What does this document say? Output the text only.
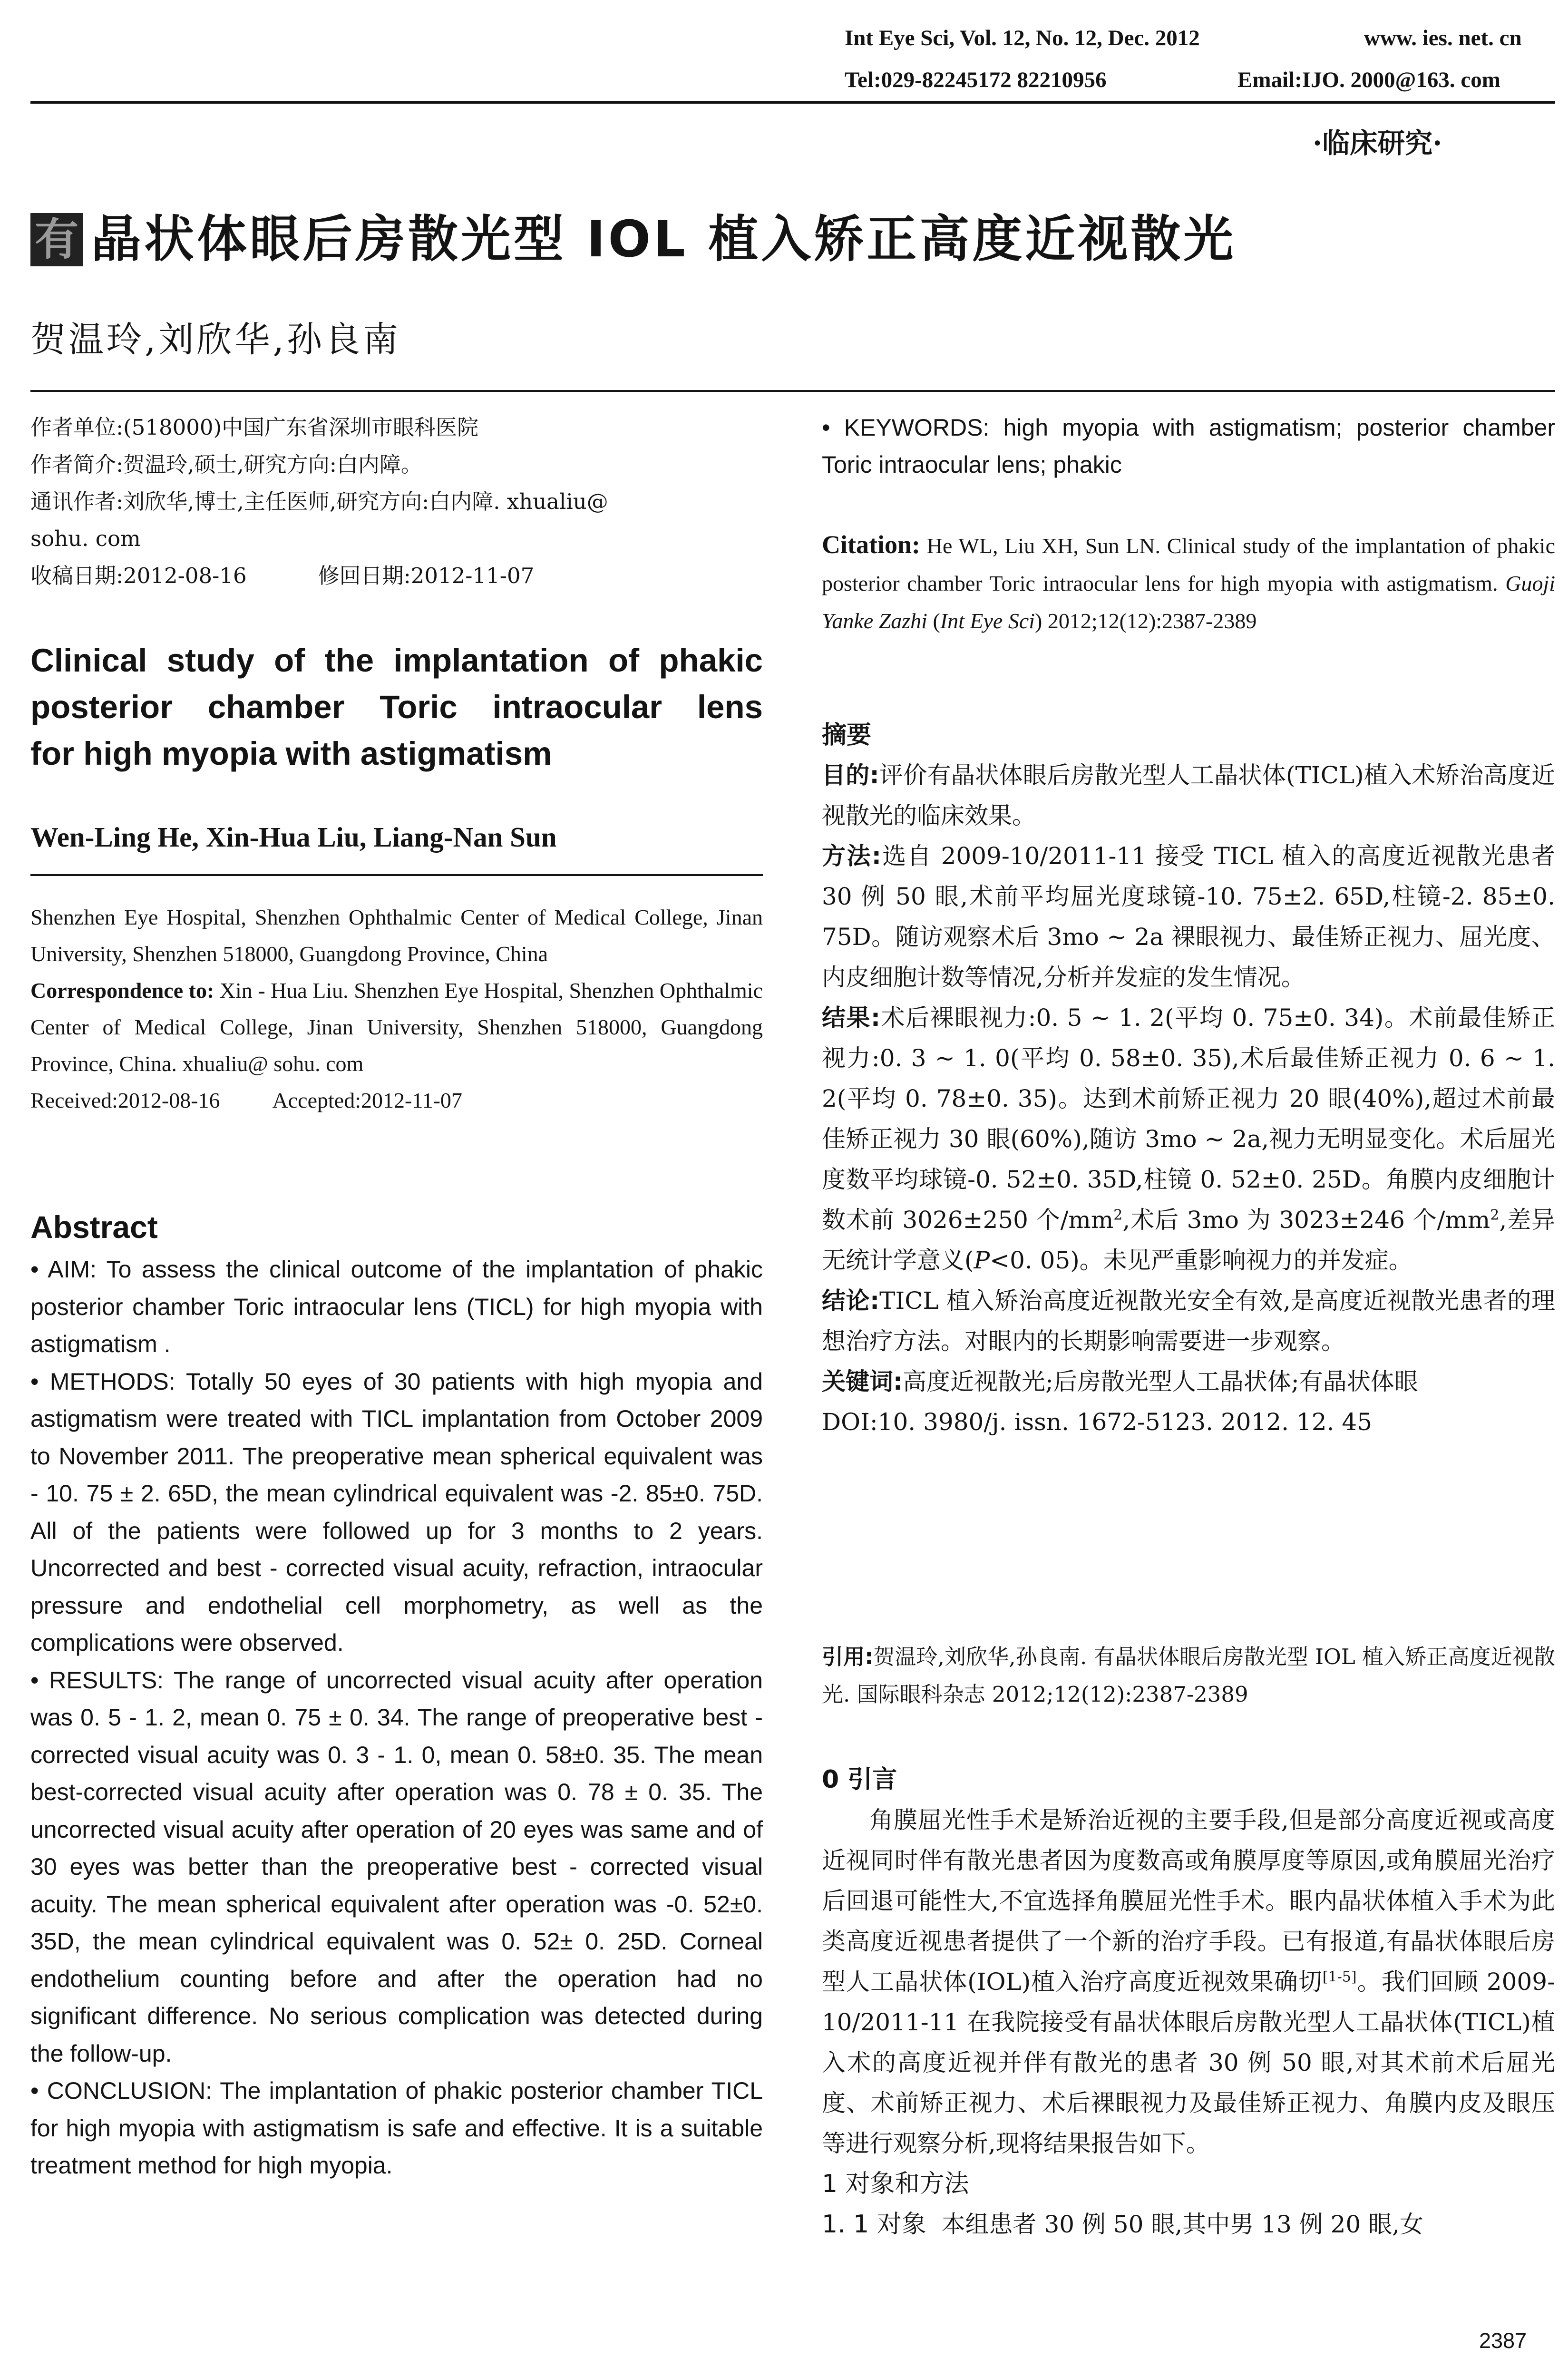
Int Eye Sci, Vol. 12, No. 12, Dec. 2012	www. ies. net. cn
Tel:029-82245172 82210956	Email:IJO. 2000@163. com
·临床研究·
有 晶状体眼后房散光型 IOL 植入矫正高度近视散光
贺温玲,刘欣华,孙良南
作者单位:(518000)中国广东省深圳市眼科医院
作者简介:贺温玲,硕士,研究方向:白内障。
通讯作者:刘欣华,博士,主任医师,研究方向:白内障. xhualiu@
sohu. com
收稿日期:2012-08-16	修回日期:2012-11-07
Clinical study of the implantation of phakic
posterior chamber Toric intraocular lens
for high myopia with astigmatism
Wen-Ling He, Xin-Hua Liu, Liang-Nan Sun
Shenzhen Eye Hospital, Shenzhen Ophthalmic Center of Medical College, Jinan University, Shenzhen 518000, Guangdong Province, China
Correspondence to: Xin - Hua Liu. Shenzhen Eye Hospital, Shenzhen Ophthalmic Center of Medical College, Jinan University, Shenzhen 518000, Guangdong Province, China. xhualiu@ sohu. com
Received:2012-08-16 Accepted:2012-11-07
Abstract

• AIM: To assess the clinical outcome of the implantation of phakic posterior chamber Toric intraocular lens (TICL) for high myopia with astigmatism .

• METHODS: Totally 50 eyes of 30 patients with high myopia and astigmatism were treated with TICL implantation from October 2009 to November 2011. The preoperative mean spherical equivalent was - 10. 75 ± 2. 65D, the mean cylindrical equivalent was -2. 85±0. 75D. All of the patients were followed up for 3 months to 2 years. Uncorrected and best - corrected visual acuity, refraction, intraocular pressure and endothelial cell morphometry, as well as the complications were observed.

• RESULTS: The range of uncorrected visual acuity after operation was 0. 5 - 1. 2, mean 0. 75 ± 0. 34. The range of preoperative best - corrected visual acuity was 0. 3 - 1. 0, mean 0. 58±0. 35. The mean best-corrected visual acuity after operation was 0. 78 ± 0. 35. The uncorrected visual acuity after operation of 20 eyes was same and of 30 eyes was better than the preoperative best - corrected visual acuity. The mean spherical equivalent after operation was -0. 52±0. 35D, the mean cylindrical equivalent was 0. 52± 0. 25D. Corneal endothelium counting before and after the operation had no significant difference. No serious complication was detected during the follow-up.

• CONCLUSION: The implantation of phakic posterior chamber TICL for high myopia with astigmatism is safe and effective. It is a suitable treatment method for high myopia.

• KEYWORDS: high myopia with astigmatism; posterior chamber Toric intraocular lens; phakic
Citation: He WL, Liu XH, Sun LN. Clinical study of the implantation of phakic posterior chamber Toric intraocular lens for high myopia with astigmatism. Guoji Yanke Zazhi (Int Eye Sci) 2012;12(12):2387-2389
摘要

目的:评价有晶状体眼后房散光型人工晶状体(TICL)植入术矫治高度近视散光的临床效果。

方法:选自 2009-10/2011-11 接受 TICL 植入的高度近视散光患者 30 例 50 眼,术前平均屈光度球镜-10. 75±2. 65D,柱镜-2. 85±0. 75D。随访观察术后 3mo ~ 2a 裸眼视力、最佳矫正视力、屈光度、内皮细胞计数等情况,分析并发症的发生情况。

结果:术后裸眼视力:0. 5 ~ 1. 2(平均 0. 75±0. 34)。术前最佳矫正视力:0. 3 ~ 1. 0(平均 0. 58±0. 35),术后最佳矫正视力 0. 6 ~ 1. 2(平均 0. 78±0. 35)。达到术前矫正视力 20 眼(40%),超过术前最佳矫正视力 30 眼(60%),随访 3mo ~ 2a,视力无明显变化。术后屈光度数平均球镜-0. 52±0. 35D,柱镜 0. 52±0. 25D。角膜内皮细胞计数术前 3026±250 个$/mm^2$,术后 3mo 为 3023±246 个$/mm^2$,差异无统计学意义(P<0. 05)。未见严重影响视力的并发症。

结论:TICL 植入矫治高度近视散光安全有效,是高度近视散光患者的理想治疗方法。对眼内的长期影响需要进一步观察。

关键词:高度近视散光;后房散光型人工晶状体;有晶状体眼

DOI:10. 3980/j. issn. 1672-5123. 2012. 12. 45

引用:贺温玲,刘欣华,孙良南. 有晶状体眼后房散光型 IOL 植入矫正高度近视散光. 国际眼科杂志 2012;12(12):2387-2389
0 引言

角膜屈光性手术是矫治近视的主要手段,但是部分高度近视或高度近视同时伴有散光患者因为度数高或角膜厚度等原因,或角膜屈光治疗后回退可能性大,不宜选择角膜屈光性手术。眼内晶状体植入手术为此类高度近视患者提供了一个新的治疗手段。已有报道,有晶状体眼后房型人工晶状体(IOL)植入治疗高度近视效果确切[1-5]。我们回顾 2009-10/2011-11 在我院接受有晶状体眼后房散光型人工晶状体(TICL)植入术的高度近视并伴有散光的患者 30 例 50 眼,对其术前术后屈光度、术前矫正视力、术后裸眼视力及最佳矫正视力、角膜内皮及眼压等进行观察分析,现将结果报告如下。

1 对象和方法

1. 1 对象 本组患者 30 例 50 眼,其中男 13 例 20 眼,女

2387
